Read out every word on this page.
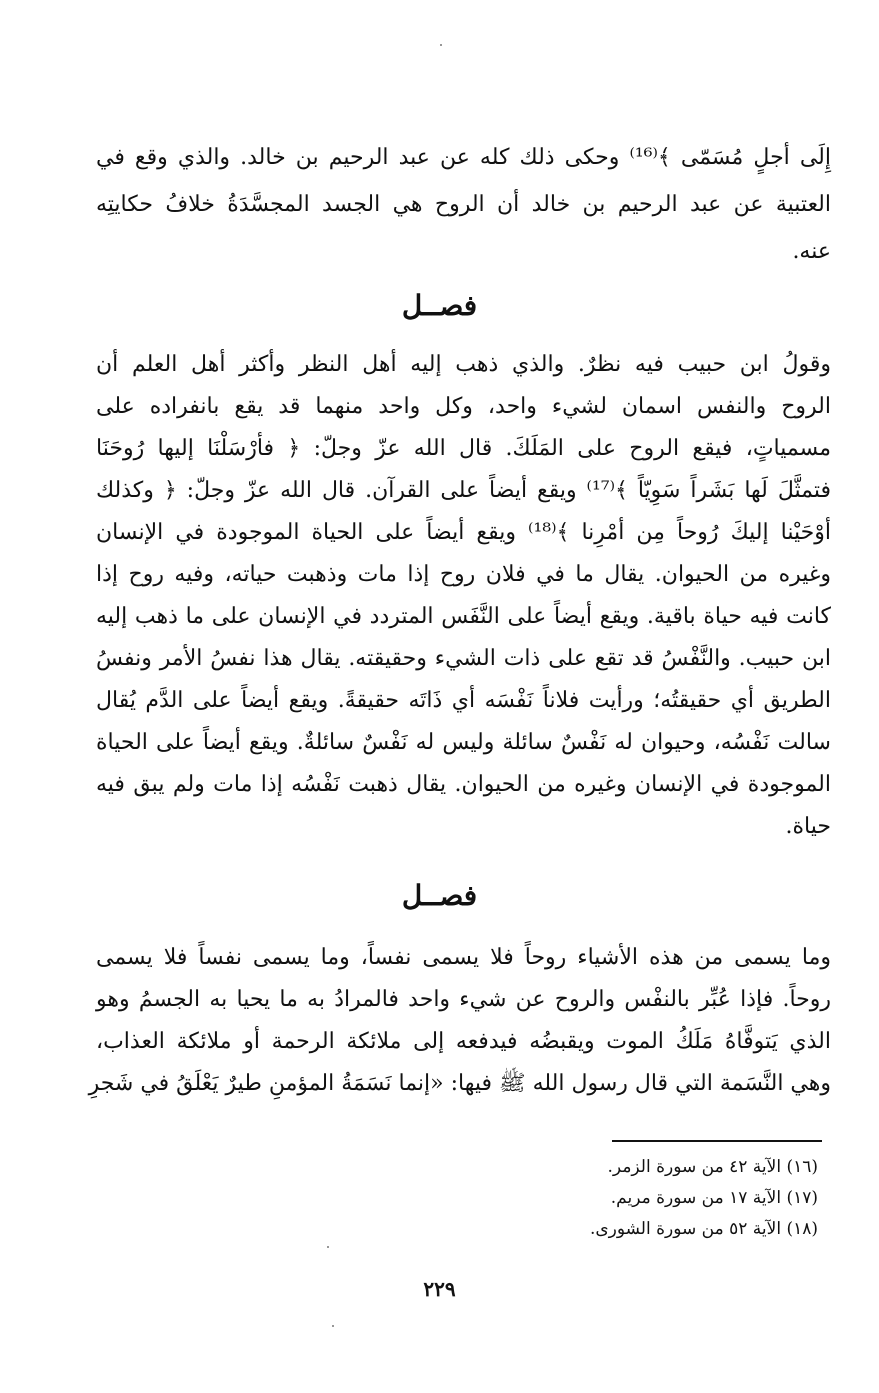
إِلَى أجلٍ مُسَمّى ﴾⁽¹⁶⁾ وحكى ذلك كله عن عبد الرحيم بن خالد. والذي وقع في
العتبية عن عبد الرحيم بن خالد أن الروح هي الجسد المجسَّدَةُ خلافُ حكايتِه
عنه.
فصــل
وقولُ ابن حبيب فيه نظرٌ. والذي ذهب إليه أهل النظر وأكثر أهل العلم أن
الروح والنفس اسمان لشيء واحد، وكل واحد منهما قد يقع بانفراده على
مسمياتٍ، فيقع الروح على المَلَكَ. قال الله عزّ وجلّ: ﴿ فأرْسَلْنَا إليها رُوحَنَا
فتمثَّلَ لَها بَشَراً سَوِيّاً ﴾⁽¹⁷⁾ ويقع أيضاً على القرآن. قال الله عزّ وجلّ: ﴿ وكذلك
أوْحَيْنا إليكَ رُوحاً مِن أمْرِنا ﴾⁽¹⁸⁾ ويقع أيضاً على الحياة الموجودة في الإنسان
وغيره من الحيوان. يقال ما في فلان روح إذا مات وذهبت حياته، وفيه روح إذا
كانت فيه حياة باقية. ويقع أيضاً على النَّفَس المتردد في الإنسان على ما ذهب إليه
ابن حبيب. والنَّفْسُ قد تقع على ذات الشيء وحقيقته. يقال هذا نفسُ الأمر ونفسُ
الطريق أي حقيقتُه؛ ورأيت فلاناً نَفْسَه أي ذَاتَه حقيقةً. ويقع أيضاً على الدَّم يُقال
سالت نَفْسُه، وحيوان له نَفْسٌ سائلة وليس له نَفْسٌ سائلةٌ. ويقع أيضاً على الحياة
الموجودة في الإنسان وغيره من الحيوان. يقال ذهبت نَفْسُه إذا مات ولم يبق فيه
حياة.
فصــل
وما يسمى من هذه الأشياء روحاً فلا يسمى نفساً، وما يسمى نفساً فلا يسمى
روحاً. فإذا عُبِّر بالنفْس والروح عن شيء واحد فالمرادُ به ما يحيا به الجسمُ وهو
الذي يَتوفَّاهُ مَلَكُ الموت ويقبضُه فيدفعه إلى ملائكة الرحمة أو ملائكة العذاب،
وهي النَّسَمة التي قال رسول الله ﷺ فيها: «إنما نَسَمَةُ المؤمنِ طيرٌ يَعْلَقُ في شَجرِ
(١٦) الآية ٤٢ من سورة الزمر.
(١٧) الآية ١٧ من سورة مريم.
(١٨) الآية ٥٢ من سورة الشورى.
٢٢٩
